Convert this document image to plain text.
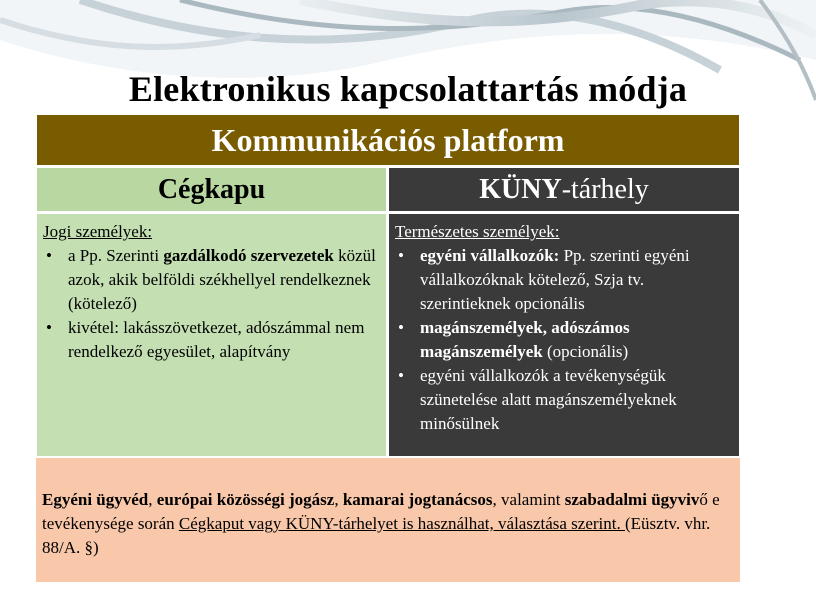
Elektronikus kapcsolattartás módja
Kommunikációs platform
Cégkapu	KÜNY -tárhely
Jogi személyek:
• a Pp. Szerinti gazdálkodó szervezetek közül azok, akik belföldi székhellyel rendelkeznek (kötelező)
• kivétel: lakásszövetkezet, adószámmal nem rendelkező egyesület, alapítvány
Természetes személyek:
• egyéni vállalkozók: Pp. szerinti egyéni vállalkozóknak kötelező, Szja tv. szerintieknek opcionális
• magánszemélyek, adószámos magánszemélyek (opcionális)
• egyéni vállalkozók a tevékenységük szünetelése alatt magánszemélyeknek minősülnek
Egyéni ügyvéd, európai közösségi jogász, kamarai jogtanácsos, valamint szabadalmi ügyvivő e tevékenysége során Cégkaput vagy KÜNY-tárhelyet is használhat, választása szerint. (Eüsztv. vhr. 88/A. §)
